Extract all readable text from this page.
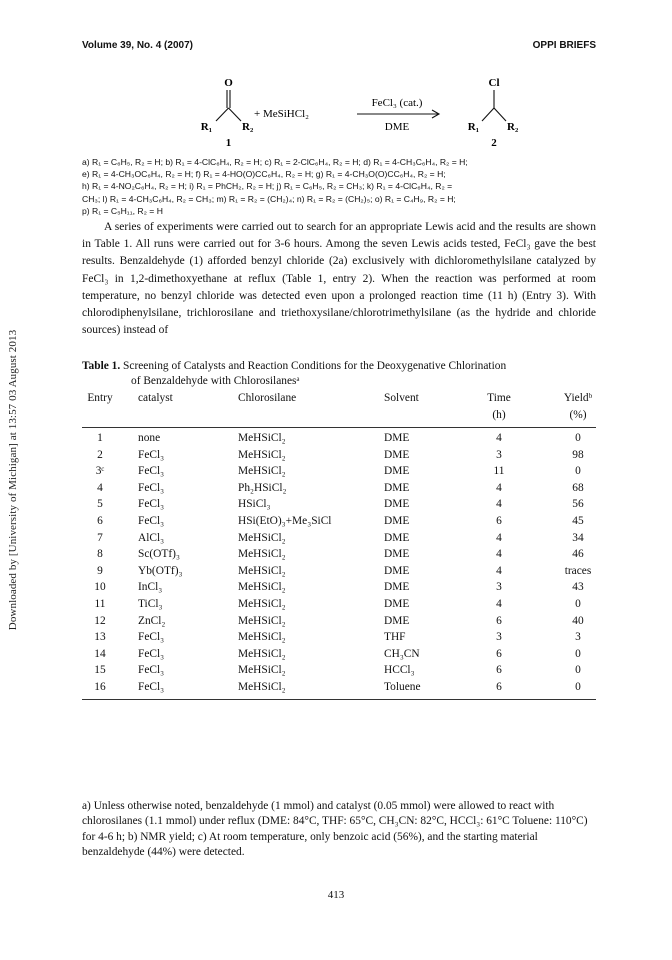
Downloaded by [University of Michigan] at 13:57 03 August 2013
Volume 39, No. 4 (2007)	OPPI BRIEFS
O
R₁	R₂
+ MeSiHCl₂
FeCl₃ (cat.)
DME
Cl
R₁	R₂
1	2
a) R₁ = C₆H₅, R₂ = H; b) R₁ = 4-ClC₆H₄, R₂ = H; c) R₁ = 2-ClC₆H₄, R₂ = H; d) R₁ = 4-CH₃C₆H₄, R₂ = H;
e) R₁ = 4-CH₃OC₆H₄, R₂ = H; f) R₁ = 4-HO(O)CC₆H₄, R₂ = H; g) R₁ = 4-CH₃O(O)CC₆H₄, R₂ = H;
h) R₁ = 4-NO₂C₆H₄, R₂ = H; i) R₁ = PhCH₂, R₂ = H; j) R₁ = C₆H₅, R₂ = CH₃; k) R₁ = 4-ClC₆H₄, R₂ =
CH₃; l) R₁ = 4-CH₃C₆H₄, R₂ = CH₃; m) R₁ = R₂ = (CH₂)₄; n) R₁ = R₂ = (CH₂)₅; o) R₁ = C₄H₉, R₂ = H;
p) R₁ = C₅H₁₁, R₂ = H
A series of experiments were carried out to search for an appropriate Lewis acid and the results are shown in Table 1. All runs were carried out for 3-6 hours. Among the seven Lewis acids tested, FeCl₃ gave the best results. Benzaldehyde (1) afforded benzyl chloride (2a) exclusively with dichloromethylsilane catalyzed by FeCl₃ in 1,2-dimethoxyethane at reflux (Table 1, entry 2). When the reaction was performed at room temperature, no benzyl chloride was detected even upon a prolonged reaction time (11 h) (Entry 3). With chlorodiphenylsilane, trichlorosilane and triethoxysilane/chlorotrimethylsilane (as the hydride and chloride sources) instead of
Table 1. Screening of Catalysts and Reaction Conditions for the Deoxygenative Chlorination
of Benzaldehyde with Chlorosilanesᵃ
Entry	catalyst	Chlorosilane	Solvent	Time	Yieldᵇ
(h)	(%)
1	none	MeHSiCl₂	DME	4	0
2	FeCl₃	MeHSiCl₂	DME	3	98
3ᶜ	FeCl₃	MeHSiCl₂	DME	11	0
4	FeCl₃	Ph₂HSiCl₂	DME	4	68
5	FeCl₃	HSiCl₃	DME	4	56
6	FeCl₃	HSi(EtO)₃+Me₃SiCl	DME	6	45
7	AlCl₃	MeHSiCl₂	DME	4	34
8	Sc(OTf)₃	MeHSiCl₂	DME	4	46
9	Yb(OTf)₃	MeHSiCl₂	DME	4	traces
10	InCl₃	MeHSiCl₂	DME	3	43
11	TiCl₃	MeHSiCl₂	DME	4	0
12	ZnCl₂	MeHSiCl₂	DME	6	40
13	FeCl₃	MeHSiCl₂	THF	3	3
14	FeCl₃	MeHSiCl₂	CH₃CN	6	0
15	FeCl₃	MeHSiCl₂	HCCl₃	6	0
16	FeCl₃	MeHSiCl₂	Toluene	6	0
a) Unless otherwise noted, benzaldehyde (1 mmol) and catalyst (0.05 mmol) were allowed to react with chlorosilanes (1.1 mmol) under reflux (DME: 84°C, THF: 65°C, CH₃CN: 82°C, HCCl₃: 61°C Toluene: 110°C) for 4-6 h; b) NMR yield; c) At room temperature, only benzoic acid (56%), and the starting material benzaldehyde (44%) were detected.
413
